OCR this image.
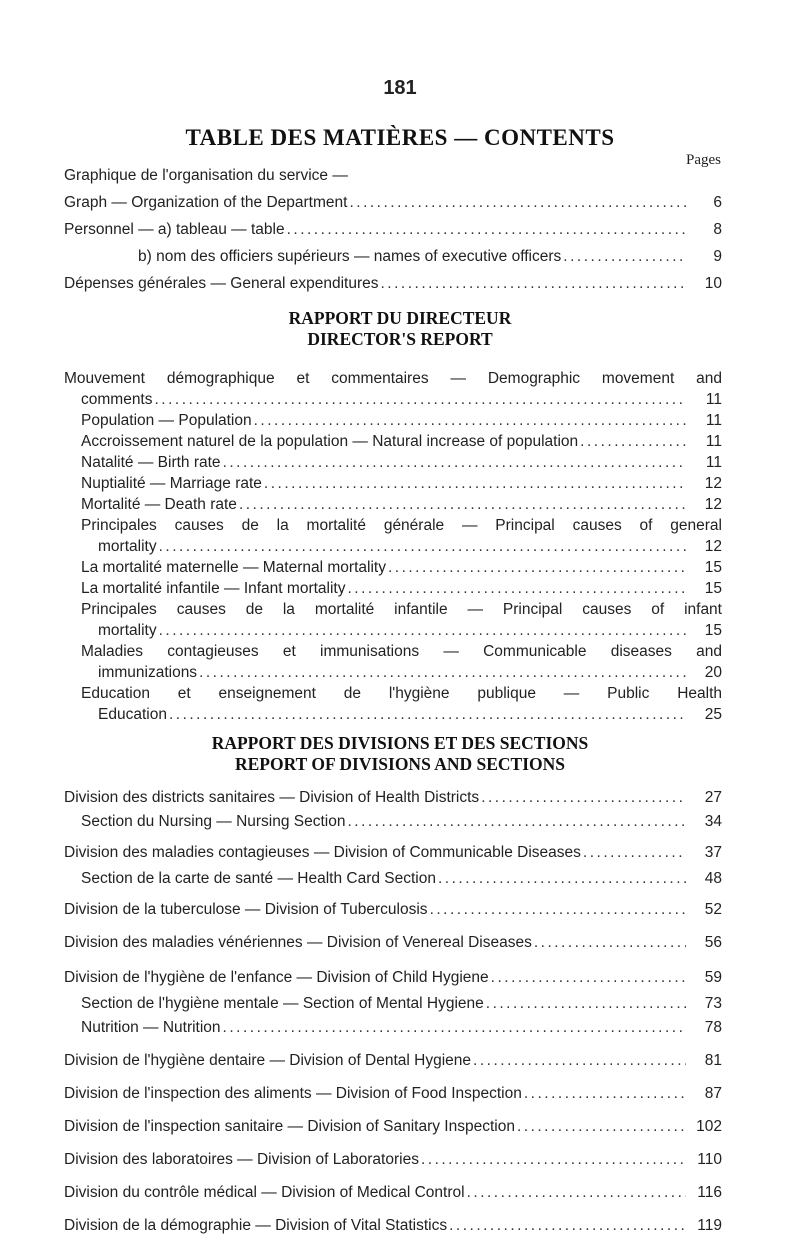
181
TABLE DES MATIÈRES — CONTENTS
Pages
Graphique de l'organisation du service —
Graph — Organization of the Department .....	6
Personnel — a) tableau — table .....	8
b) nom des officiers supérieurs — names of executive officers .....	9
Dépenses générales — General expenditures .....	10
RAPPORT DU DIRECTEUR
DIRECTOR'S REPORT
Mouvement démographique et commentaires — Demographic movement and
comments .....	11
Population — Population .....	11
Accroissement naturel de la population — Natural increase of population .....	11
Natalité — Birth rate .....	11
Nuptialité — Marriage rate .....	12
Mortalité — Death rate .....	12
Principales causes de la mortalité générale — Principal causes of general
mortality .....	12
La mortalité maternelle — Maternal mortality .....	15
La mortalité infantile — Infant mortality .....	15
Principales causes de la mortalité infantile — Principal causes of infant
mortality .....	15
Maladies contagieuses et immunisations — Communicable diseases and
immunizations .....	20
Education et enseignement de l'hygiène publique — Public Health
Education .....	25
RAPPORT DES DIVISIONS ET DES SECTIONS
REPORT OF DIVISIONS AND SECTIONS
Division des districts sanitaires — Division of Health Districts .....	27
Section du Nursing — Nursing Section .....	34
Division des maladies contagieuses — Division of Communicable Diseases .....	37
Section de la carte de santé — Health Card Section .....	48
Division de la tuberculose — Division of Tuberculosis .....	52
Division des maladies vénériennes — Division of Venereal Diseases .....	56
Division de l'hygiène de l'enfance — Division of Child Hygiene .....	59
Section de l'hygiène mentale — Section of Mental Hygiene .....	73
Nutrition — Nutrition .....	78
Division de l'hygiène dentaire — Division of Dental Hygiene .....	81
Division de l'inspection des aliments — Division of Food Inspection .....	87
Division de l'inspection sanitaire — Division of Sanitary Inspection .....	102
Division des laboratoires — Division of Laboratories .....	110
Division du contrôle médical — Division of Medical Control .....	116
Division de la démographie — Division of Vital Statistics .....	119
